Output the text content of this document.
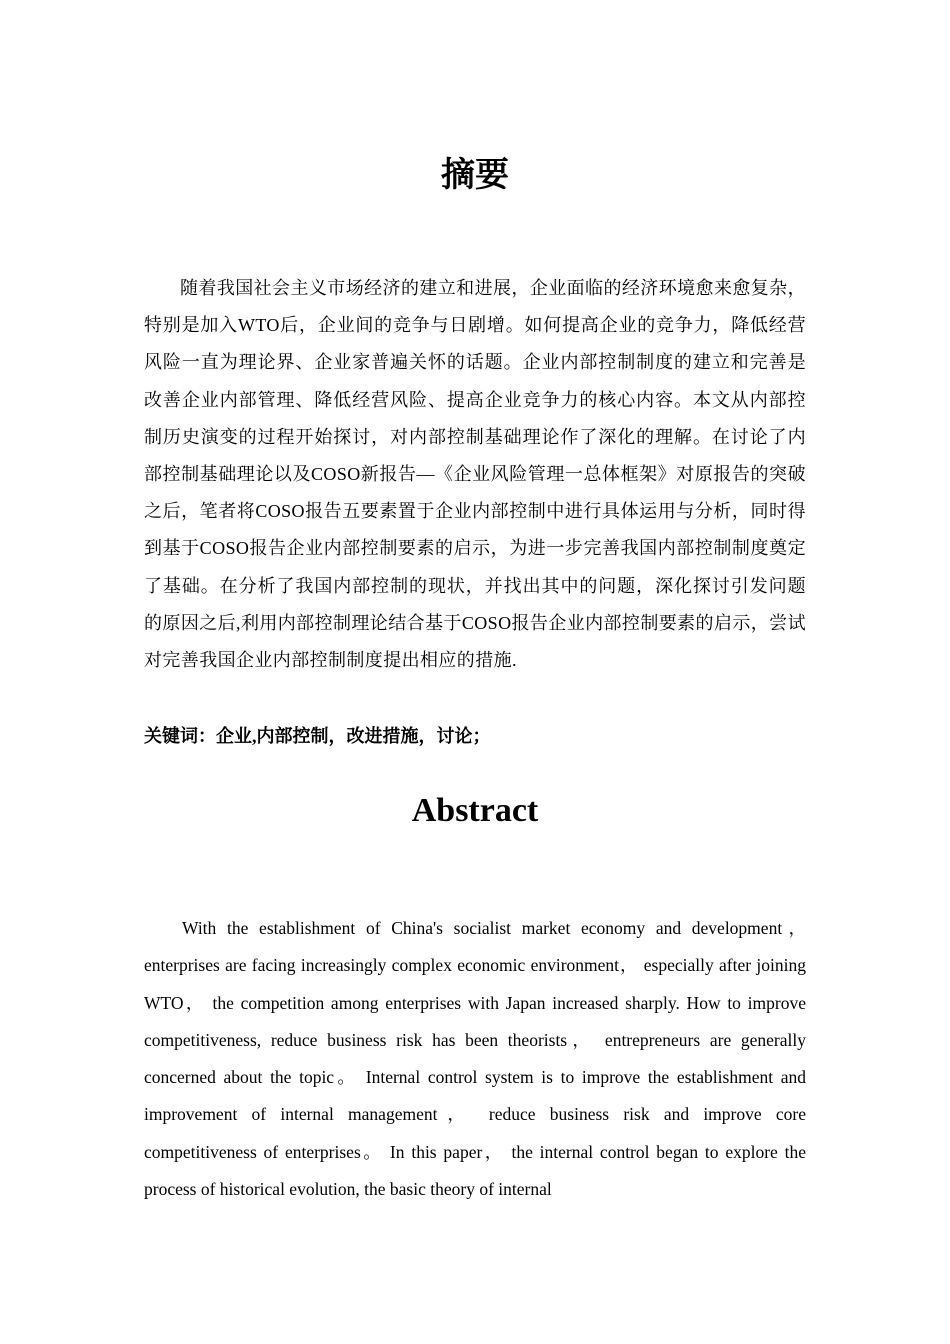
摘要

随着我国社会主义市场经济的建立和进展，企业面临的经济环境愈来愈复杂，特别是加入WTO后，企业间的竞争与日剧增。如何提高企业的竞争力，降低经营风险一直为理论界、企业家普遍关怀的话题。企业内部控制制度的建立和完善是改善企业内部管理、降低经营风险、提高企业竞争力的核心内容。本文从内部控制历史演变的过程开始探讨，对内部控制基础理论作了深化的理解。在讨论了内部控制基础理论以及COSO新报告—《企业风险管理一总体框架》对原报告的突破之后，笔者将COSO报告五要素置于企业内部控制中进行具体运用与分析，同时得到基于COSO报告企业内部控制要素的启示，为进一步完善我国内部控制制度奠定了基础。在分析了我国内部控制的现状，并找出其中的问题，深化探讨引发问题的原因之后,利用内部控制理论结合基于COSO报告企业内部控制要素的启示，尝试对完善我国企业内部控制制度提出相应的措施.

关键词：企业,内部控制，改进措施，讨论；

Abstract

With the establishment of China's socialist market economy and development，enterprises are facing increasingly complex economic environment， especially after joining WTO， the competition among enterprises with Japan increased sharply. How to improve competitiveness, reduce business risk has been theorists， entrepreneurs are generally concerned about the topic。 Internal control system is to improve the establishment and improvement of internal management， reduce business risk and improve core competitiveness of enterprises。 In this paper， the internal control began to explore the process of historical evolution, the basic theory of internal
